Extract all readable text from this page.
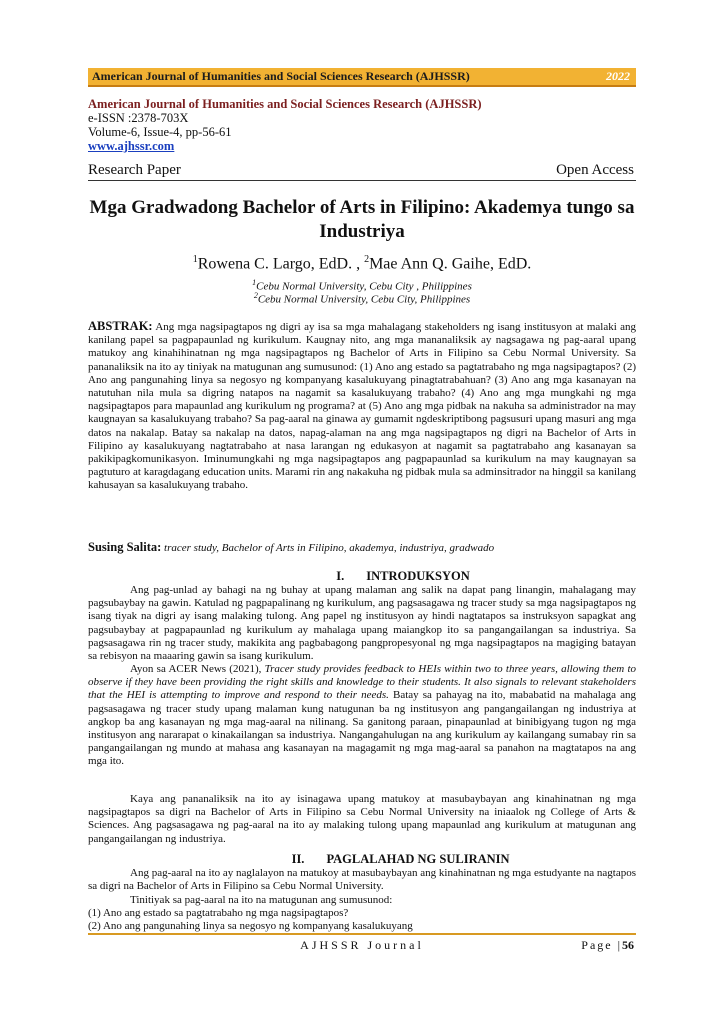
American Journal of Humanities and Social Sciences Research (AJHSSR)	2022
American Journal of Humanities and Social Sciences Research (AJHSSR)
e-ISSN :2378-703X
Volume-6, Issue-4, pp-56-61
www.ajhssr.com
Research Paper	Open Access
Mga Gradwadong Bachelor of Arts in Filipino: Akademya tungo sa Industriya
$^1$Rowena C. Largo, EdD. , $^2$Mae Ann Q. Gaihe, EdD.
$^1$Cebu Normal University, Cebu City , Philippines
$^2$Cebu Normal University, Cebu City, Philippines
ABSTRAK: Ang mga nagsipagtapos ng digri ay isa sa mga mahalagang stakeholders ng isang institusyon at malaki ang kanilang papel sa pagpapaunlad ng kurikulum. Kaugnay nito, ang mga mananaliksik ay nagsagawa ng pag-aaral upang matukoy ang kinahihinatnan ng mga nagsipagtapos ng Bachelor of Arts in Filipino sa Cebu Normal University. Sa pananaliksik na ito ay tiniyak na matugunan ang sumusunod: (1) Ano ang estado sa pagtatrabaho ng mga nagsipagtapos? (2) Ano ang pangunahing linya sa negosyo ng kompanyang kasalukuyang pinagtatrabahuan? (3) Ano ang mga kasanayan na natutuhan nila mula sa digring natapos na nagamit sa kasalukuyang trabaho? (4) Ano ang mga mungkahi ng mga nagsipagtapos para mapaunlad ang kurikulum ng programa? at (5) Ano ang mga pidbak na nakuha sa administrador na may kaugnayan sa kasalukuyang trabaho? Sa pag-aaral na ginawa ay gumamit ngdeskriptibong pagsusuri upang masuri ang mga datos na nakalap. Batay sa nakalap na datos, napag-alaman na ang mga nagsipagtapos ng digri na Bachelor of Arts in Filipino ay kasalukuyang nagtatrabaho at nasa larangan ng edukasyon at nagamit sa pagtatrabaho ang kasanayan sa pakikipagkomunikasyon. Iminumungkahi ng mga nagsipagtapos ang pagpapaunlad sa kurikulum na may kaugnayan sa pagtuturo at karagdagang education units. Marami rin ang nakakuha ng pidbak mula sa adminsitrador na hinggil sa kanilang kahusayan sa kasalukuyang trabaho.
Susing Salita: tracer study, Bachelor of Arts in Filipino, akademya, industriya, gradwado
I. INTRODUKSYON
Ang pag-unlad ay bahagi na ng buhay at upang malaman ang salik na dapat pang linangin, mahalagang may pagsubaybay na gawin. Katulad ng pagpapalinang ng kurikulum, ang pagsasagawa ng tracer study sa mga nagsipagtapos ng isang tiyak na digri ay isang malaking tulong. Ang papel ng institusyon ay hindi nagtatapos sa instruksyon sapagkat ang pagsubaybay at pagpapaunlad ng kurikulum ay mahalaga upang maiangkop ito sa pangangailangan sa industriya. Sa pagsasagawa rin ng tracer study, makikita ang pagbabagong pangpropesyonal ng mga nagsipagtapos na magiging batayan sa rebisyon na maaaring gawin sa isang kurikulum.
Ayon sa ACER News (2021), Tracer study provides feedback to HEIs within two to three years, allowing them to observe if they have been providing the right skills and knowledge to their students. It also signals to relevant stakeholders that the HEI is attempting to improve and respond to their needs. Batay sa pahayag na ito, mababatid na mahalaga ang pagsasagawa ng tracer study upang malaman kung natugunan ba ng institusyon ang pangangailangan ng industriya at angkop ba ang kasanayan ng mga mag-aaral na nilinang. Sa ganitong paraan, pinapaunlad at binibigyang tugon ng mga institusyon ang nararapat o kinakailangan sa industriya. Nangangahulugan na ang kurikulum ay kailangang sumabay rin sa pangangailangan ng mundo at mahasa ang kasanayan na magagamit ng mga mag-aaral sa panahon na magtatapos na ang mga ito.
Kaya ang pananaliksik na ito ay isinagawa upang matukoy at masubaybayan ang kinahinatnan ng mga nagsipagtapos sa digri na Bachelor of Arts in Filipino sa Cebu Normal University na iniaalok ng College of Arts & Sciences. Ang pagsasagawa ng pag-aaral na ito ay malaking tulong upang mapaunlad ang kurikulum at matugunan ang pangangailangan ng industriya.
II. PAGLALAHAD NG SULIRANIN
Ang pag-aaral na ito ay naglalayon na matukoy at masubaybayan ang kinahinatnan ng mga estudyante na nagtapos sa digri na Bachelor of Arts in Filipino sa Cebu Normal University.
Tinitiyak sa pag-aaral na ito na matugunan ang sumusunod:
(1) Ano ang estado sa pagtatrabaho ng mga nagsipagtapos?
(2) Ano ang pangunahing linya sa negosyo ng kompanyang kasalukuyang
AJHSSR Journal	Page |56
